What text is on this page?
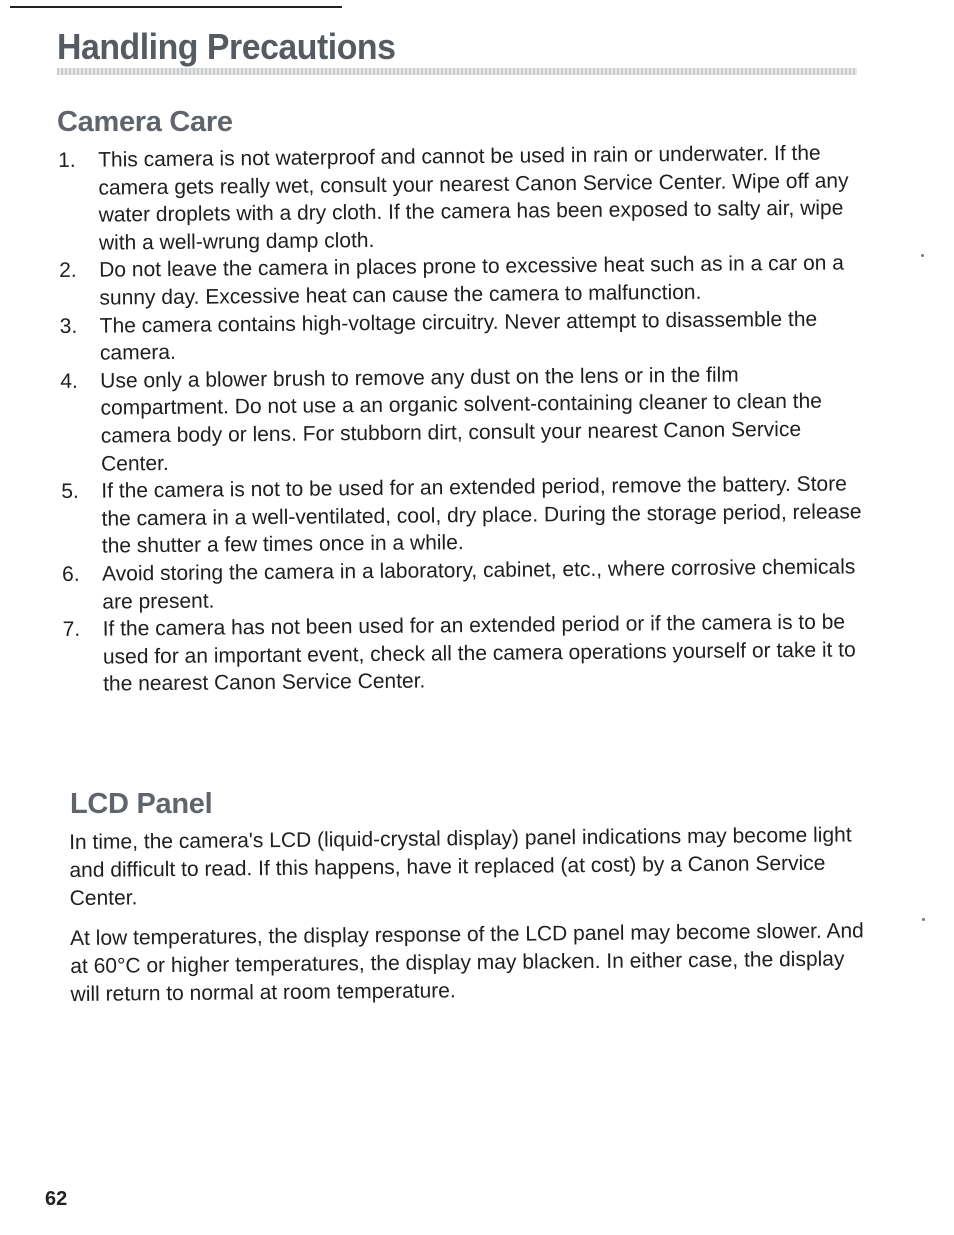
Handling Precautions
Camera Care
1.	This camera is not waterproof and cannot be used in rain or underwater. If the camera gets really wet, consult your nearest Canon Service Center. Wipe off any water droplets with a dry cloth. If the camera has been exposed to salty air, wipe with a well-wrung damp cloth.
2.	Do not leave the camera in places prone to excessive heat such as in a car on a sunny day. Excessive heat can cause the camera to malfunction.
3.	The camera contains high-voltage circuitry. Never attempt to disassemble the camera.
4.	Use only a blower brush to remove any dust on the lens or in the film compartment. Do not use a an organic solvent-containing cleaner to clean the camera body or lens. For stubborn dirt, consult your nearest Canon Service Center.
5.	If the camera is not to be used for an extended period, remove the battery. Store the camera in a well-ventilated, cool, dry place. During the storage period, release the shutter a few times once in a while.
6.	Avoid storing the camera in a laboratory, cabinet, etc., where corrosive chemicals are present.
7.	If the camera has not been used for an extended period or if the camera is to be used for an important event, check all the camera operations yourself or take it to the nearest Canon Service Center.
LCD Panel

In time, the camera's LCD (liquid-crystal display) panel indications may become light and difficult to read. If this happens, have it replaced (at cost) by a Canon Service Center.

At low temperatures, the display response of the LCD panel may become slower. And at 60°C or higher temperatures, the display may blacken. In either case, the display will return to normal at room temperature.

62
